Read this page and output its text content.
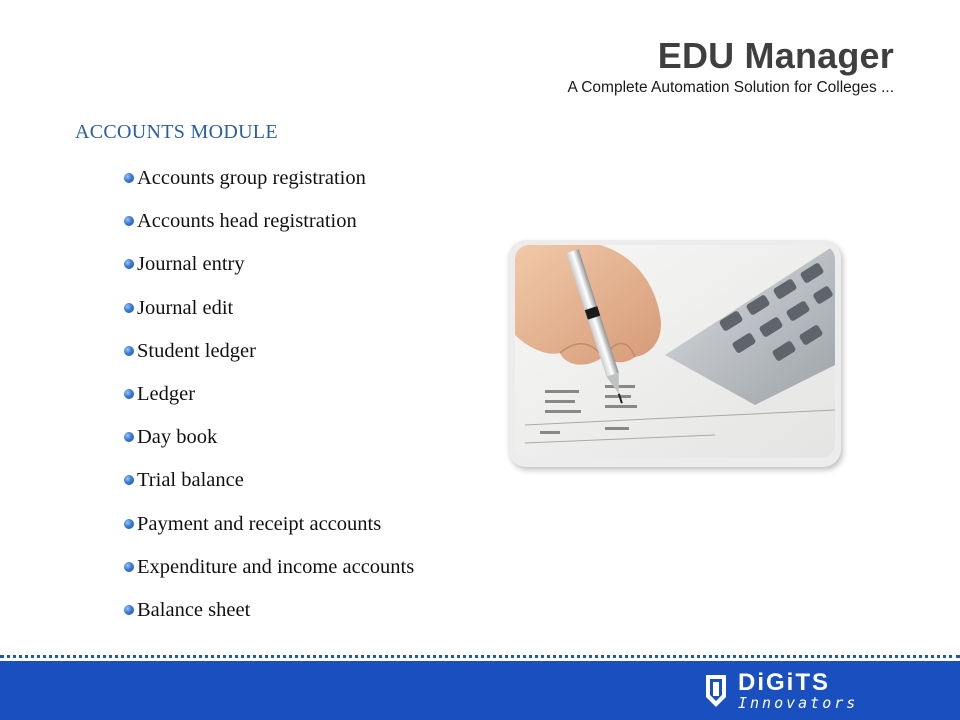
EDU Manager
A Complete Automation Solution for Colleges ...
ACCOUNTS MODULE
Accounts group registration
Accounts head registration
Journal entry
Journal edit
Student ledger
Ledger
Day book
Trial balance
Payment and receipt accounts
Expenditure and income accounts
Balance sheet
DiGiTS
Innovators
